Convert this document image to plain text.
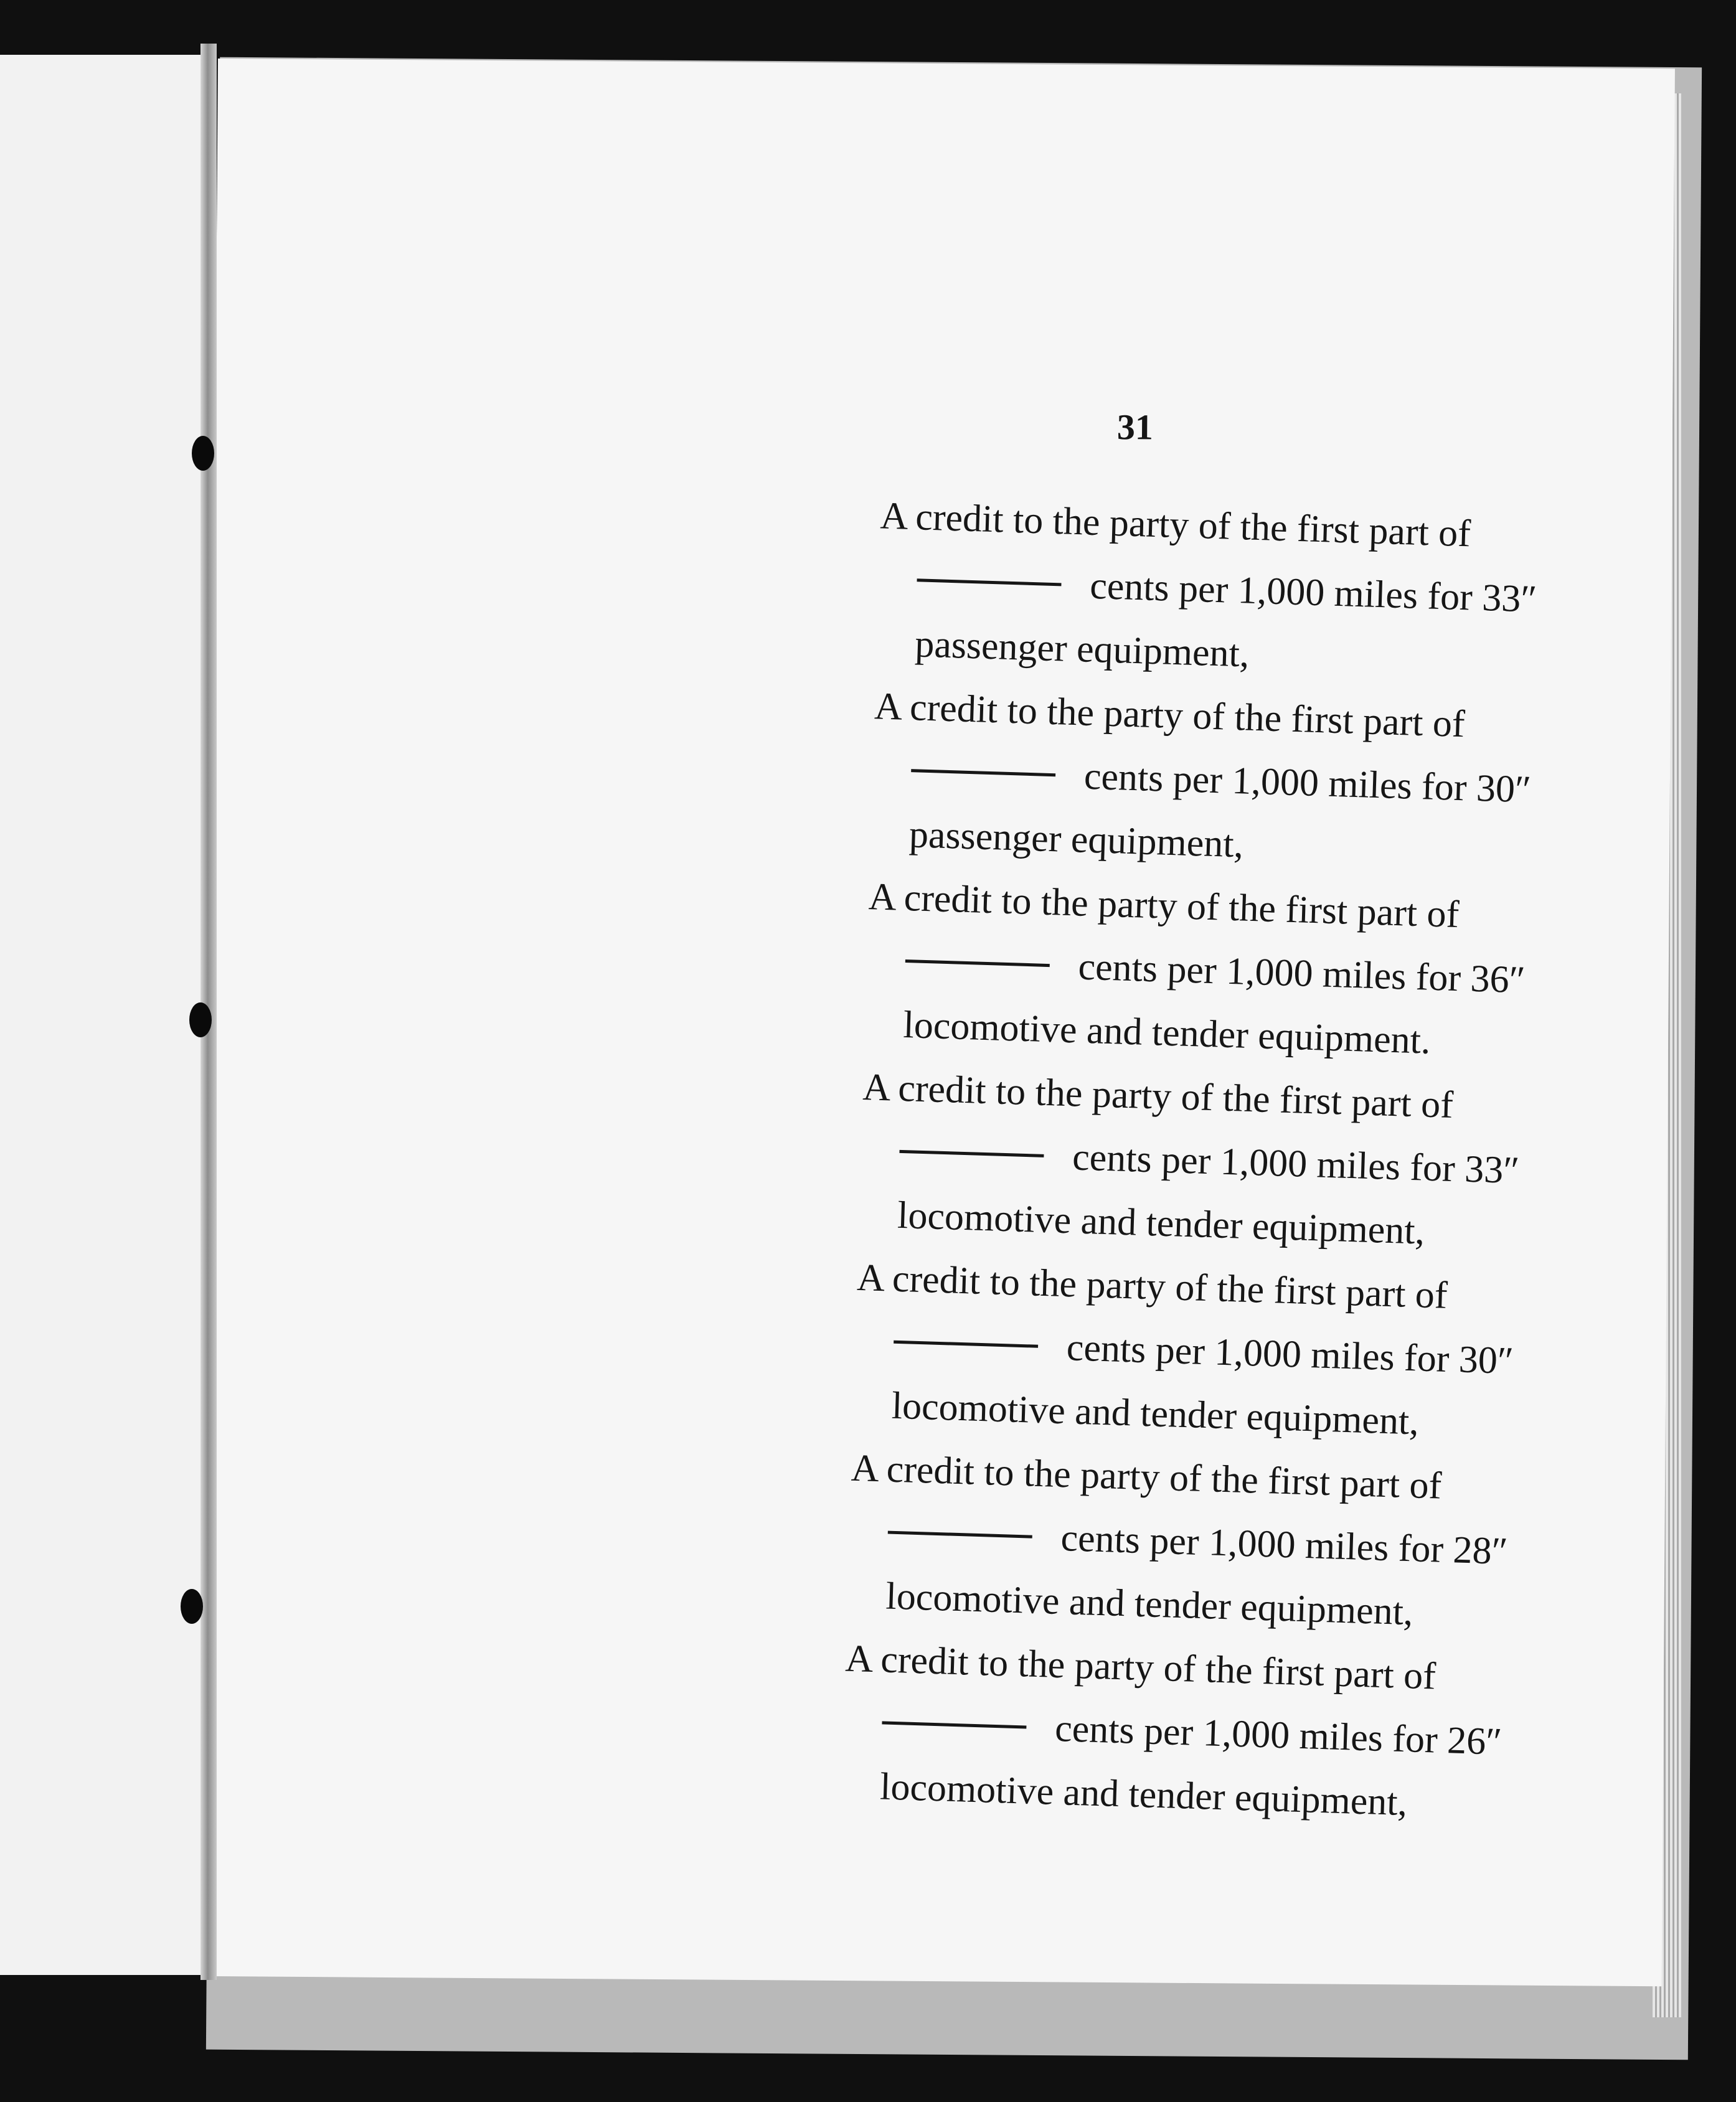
31
A credit to the party of the first part of
cents per 1,000 miles for 33″
passenger equipment,
A credit to the party of the first part of
cents per 1,000 miles for 30″
passenger equipment,
A credit to the party of the first part of
cents per 1,000 miles for 36″
locomotive and tender equipment.
A credit to the party of the first part of
cents per 1,000 miles for 33″
locomotive and tender equipment,
A credit to the party of the first part of
cents per 1,000 miles for 30″
locomotive and tender equipment,
A credit to the party of the first part of
cents per 1,000 miles for 28″
locomotive and tender equipment,
A credit to the party of the first part of
cents per 1,000 miles for 26″
locomotive and tender equipment,
